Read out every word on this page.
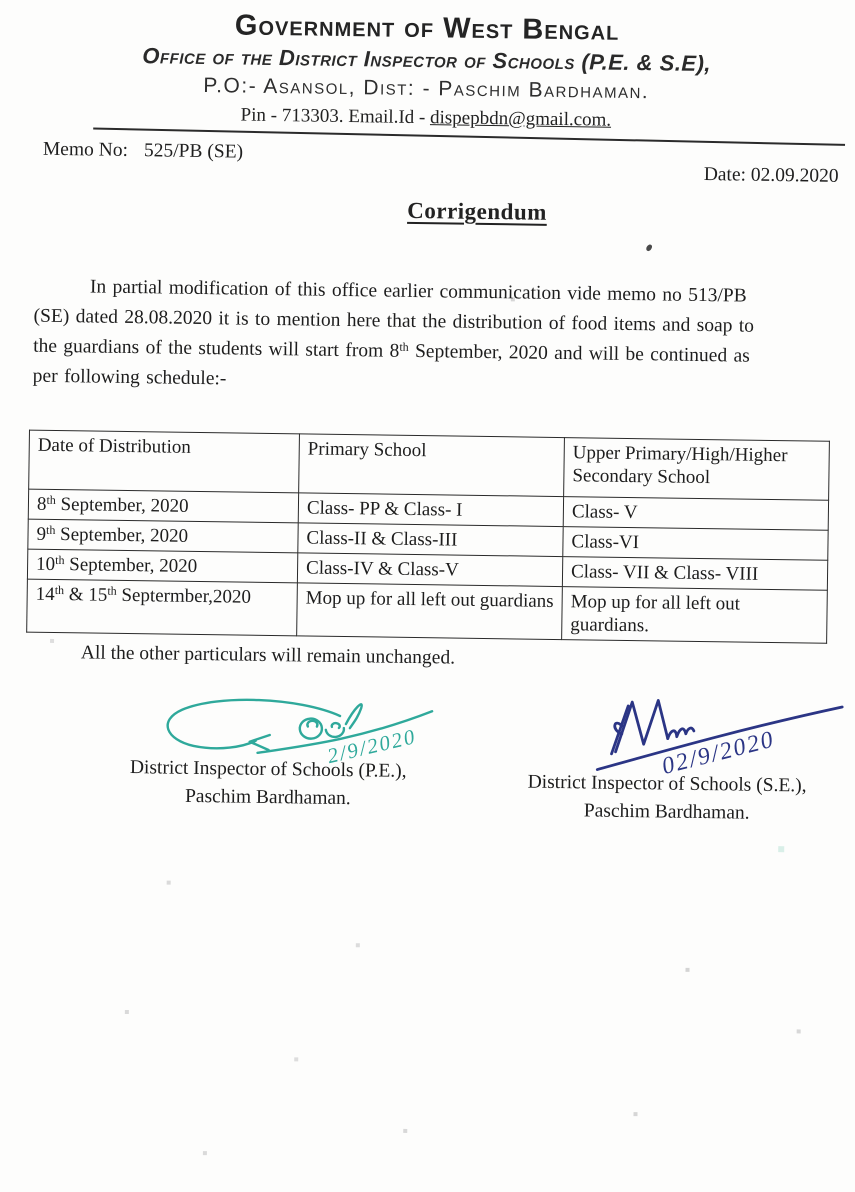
Government of West Bengal
Office of the District Inspector of Schools (P.E. & S.E),
P.O:- Asansol, Dist: - Paschim Bardhaman.
Pin - 713303. Email.Id - dispepbdn@gmail.com.
Memo No: 525/PB (SE)
Date: 02.09.2020
Corrigendum
In partial modification of this office earlier communication vide memo no 513/PB
(SE) dated 28.08.2020 it is to mention here that the distribution of food items and soap to
the guardians of the students will start from 8th September, 2020 and will be continued as
per following schedule:-
Date of Distribution	Primary School	Upper Primary/High/Higher Secondary School
8th September, 2020	Class- PP & Class- I	Class- V
9th September, 2020	Class-II & Class-III	Class-VI
10th September, 2020	Class-IV & Class-V	Class- VII & Class- VIII
14th & 15th Septermber,2020	Mop up for all left out guardians	Mop up for all left out guardians.
All the other particulars will remain unchanged.
2/9/2020	02/9/2020
District Inspector of Schools (P.E.),
Paschim Bardhaman.
District Inspector of Schools (S.E.),
Paschim Bardhaman.
